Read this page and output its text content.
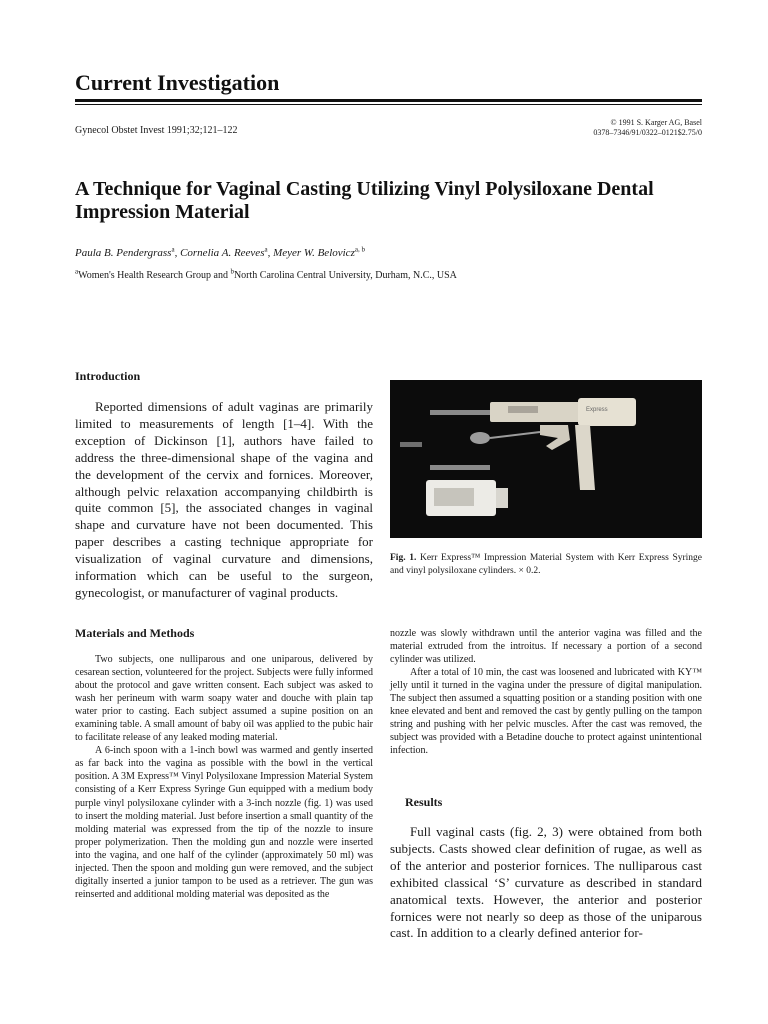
Current Investigation
Gynecol Obstet Invest 1991;32;121–122
© 1991 S. Karger AG, Basel
0378–7346/91/0322–0121$2.75/0
A Technique for Vaginal Casting Utilizing Vinyl Polysiloxane Dental Impression Material
Paula B. Pendergrass$^a$, Cornelia A. Reeves$^a$, Meyer W. Belovicz$^{a, b}$
$^a$Women's Health Research Group and $^b$North Carolina Central University, Durham, N.C., USA
Introduction

Reported dimensions of adult vaginas are primarily limited to measurements of length [1–4]. With the exception of Dickinson [1], authors have failed to address the three-dimensional shape of the vagina and the development of the cervix and fornices. Moreover, although pelvic relaxation accompanying childbirth is quite common [5], the associated changes in vaginal shape and curvature have not been documented. This paper describes a casting technique appropriate for visualization of vaginal curvature and dimensions, information which can be useful to the surgeon, gynecologist, or manufacturer of vaginal products.

Express
Fig. 1. Kerr Express™ Impression Material System with Kerr Express Syringe and vinyl polysiloxane cylinders. × 0.2.
Materials and Methods

Two subjects, one nulliparous and one uniparous, delivered by cesarean section, volunteered for the project. Subjects were fully informed about the protocol and gave written consent. Each subject was asked to wash her perineum with warm soapy water and douche with plain tap water prior to casting. Each subject assumed a supine position on an examining table. A small amount of baby oil was applied to the pubic hair to facilitate release of any leaked moding material.

A 6-inch spoon with a 1-inch bowl was warmed and gently inserted as far back into the vagina as possible with the bowl in the vertical position. A 3M Express™ Vinyl Polysiloxane Impression Material System consisting of a Kerr Express Syringe Gun equipped with a medium body purple vinyl polysiloxane cylinder with a 3-inch nozzle (fig. 1) was used to insert the molding material. Just before insertion a small quantity of the molding material was expressed from the tip of the nozzle to insure proper polymerization. Then the molding gun and nozzle were inserted into the vagina, and one half of the cylinder (approximately 50 ml) was injected. Then the spoon and molding gun were removed, and the subject digitally inserted a junior tampon to be used as a retriever. The gun was reinserted and additional molding material was deposited as the

nozzle was slowly withdrawn until the anterior vagina was filled and the material extruded from the introitus. If necessary a portion of a second cylinder was utilized.

After a total of 10 min, the cast was loosened and lubricated with KY™ jelly until it turned in the vagina under the pressure of digital manipulation. The subject then assumed a squatting position or a standing position with one knee elevated and bent and removed the cast by gently pulling on the tampon string and pushing with her pelvic muscles. After the cast was removed, the subject was provided with a Betadine douche to protect against unintentional infection.

Results

Full vaginal casts (fig. 2, 3) were obtained from both subjects. Casts showed clear definition of rugae, as well as of the anterior and posterior fornices. The nulliparous cast exhibited classical ‘S’ curvature as described in standard anatomical texts. However, the anterior and posterior fornices were not nearly so deep as those of the uniparous cast. In addition to a clearly defined anterior for-
